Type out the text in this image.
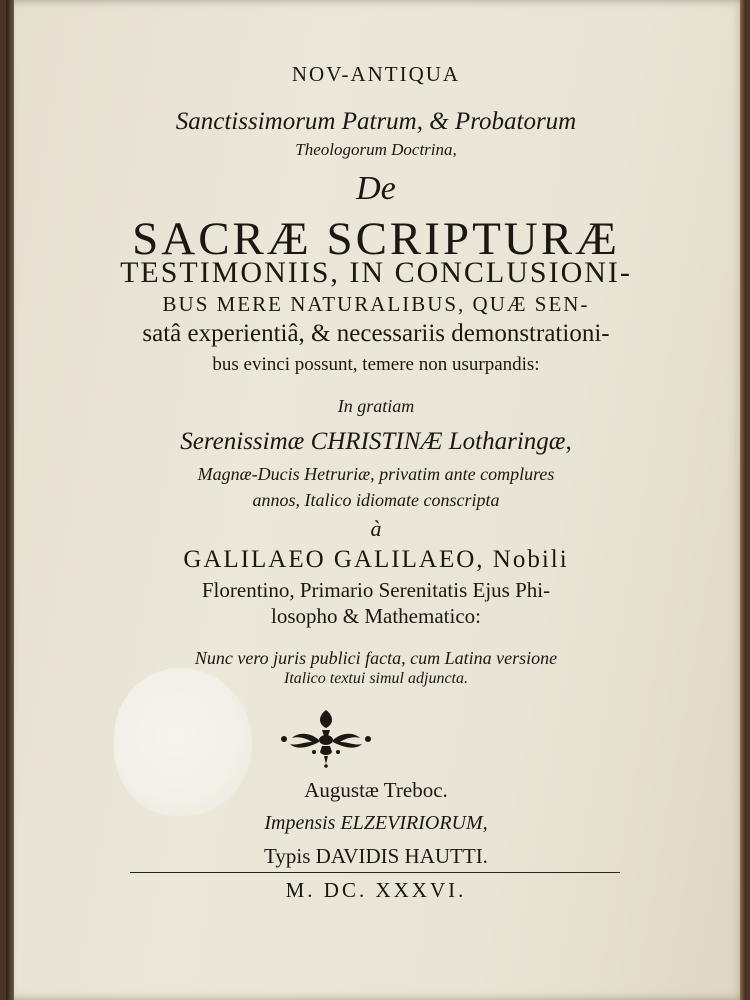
NOV-ANTIQUA
Sanctissimorum Patrum, & Probatorum
Theologorum Doctrina,
De
SACRÆ SCRIPTURÆ
TESTIMONIIS, IN CONCLUSIONI-
BUS MERE NATURALIBUS, QUÆ SEN-
satâ experientiâ, & necessariis demonstrationi-
bus evinci possunt, temere non usurpandis:
In gratiam
Serenissimæ CHRISTINÆ Lotharingæ,
Magnæ-Ducis Hetruriæ, privatim ante complures
annos, Italico idiomate conscripta
à
GALILAEO GALILAEO, Nobili
Florentino, Primario Serenitatis Ejus Phi-
losopho & Mathematico:
Nunc vero juris publici facta, cum Latina versione
Italico textui simul adjuncta.
Augustæ Treboc.
Impensis ELZEVIRIORUM,
Typis DAVIDIS HAUTTI.
M. DC. XXXVI.
